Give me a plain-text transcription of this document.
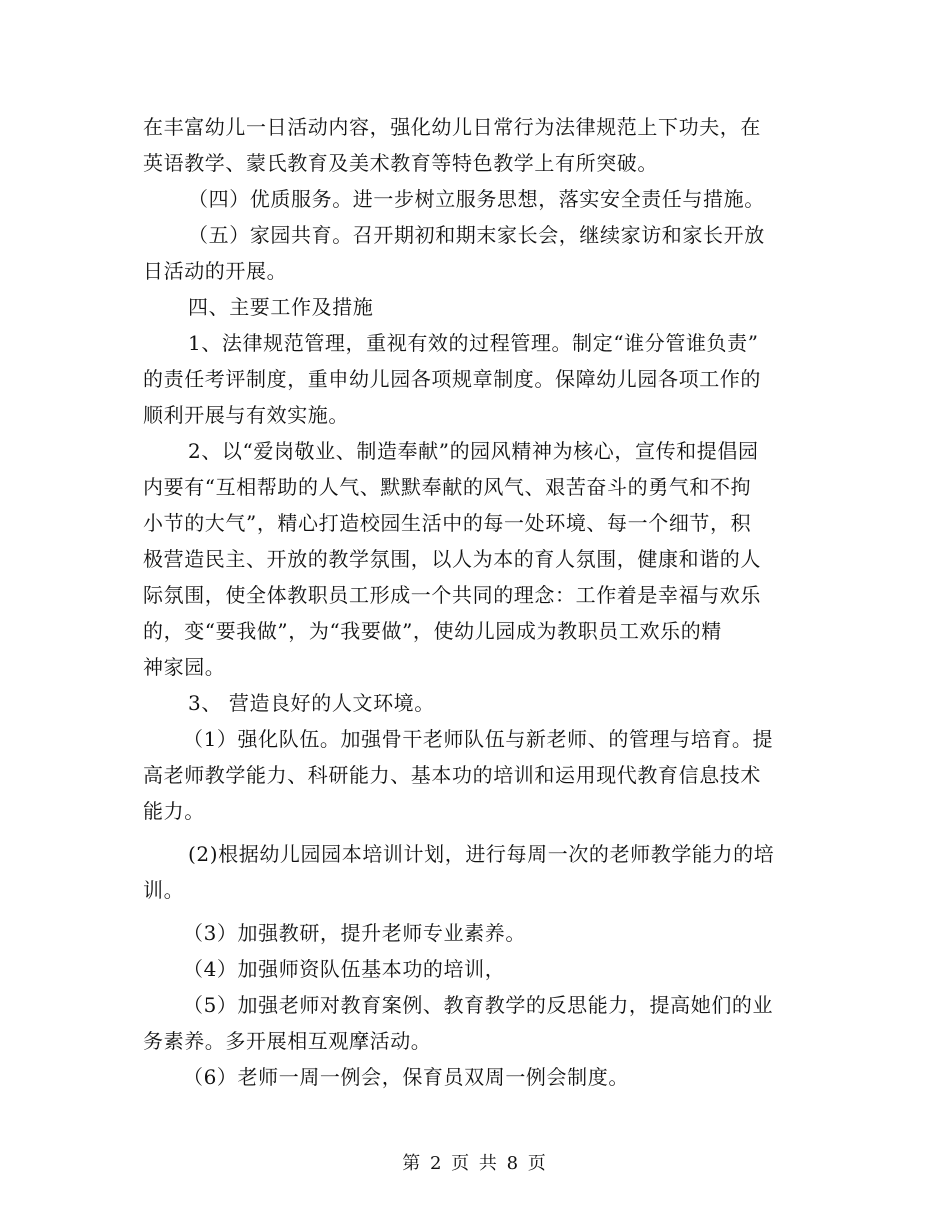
在丰富幼儿一日活动内容，强化幼儿日常行为法律规范上下功夫，在
英语教学、蒙氏教育及美术教育等特色教学上有所突破。
（四）优质服务。进一步树立服务思想，落实安全责任与措施。
（五）家园共育。召开期初和期末家长会，继续家访和家长开放
日活动的开展。
四、主要工作及措施
1、法律规范管理，重视有效的过程管理。制定“谁分管谁负责”
的责任考评制度，重申幼儿园各项规章制度。保障幼儿园各项工作的
顺利开展与有效实施。
2、以“爱岗敬业、制造奉献”的园风精神为核心，宣传和提倡园
内要有“互相帮助的人气、默默奉献的风气、艰苦奋斗的勇气和不拘
小节的大气”，精心打造校园生活中的每一处环境、每一个细节，积
极营造民主、开放的教学氛围，以人为本的育人氛围，健康和谐的人
际氛围，使全体教职员工形成一个共同的理念：工作着是幸福与欢乐
的，变“要我做”，为“我要做”，使幼儿园成为教职员工欢乐的精
神家园。
3、 营造良好的人文环境。
（1）强化队伍。加强骨干老师队伍与新老师、的管理与培育。提
高老师教学能力、科研能力、基本功的培训和运用现代教育信息技术
能力。
(2)根据幼儿园园本培训计划，进行每周一次的老师教学能力的培
训。
（3）加强教研，提升老师专业素养。
（4）加强师资队伍基本功的培训，
（5）加强老师对教育案例、教育教学的反思能力，提高她们的业
务素养。多开展相互观摩活动。
（6）老师一周一例会，保育员双周一例会制度。
第 2 页 共 8 页
